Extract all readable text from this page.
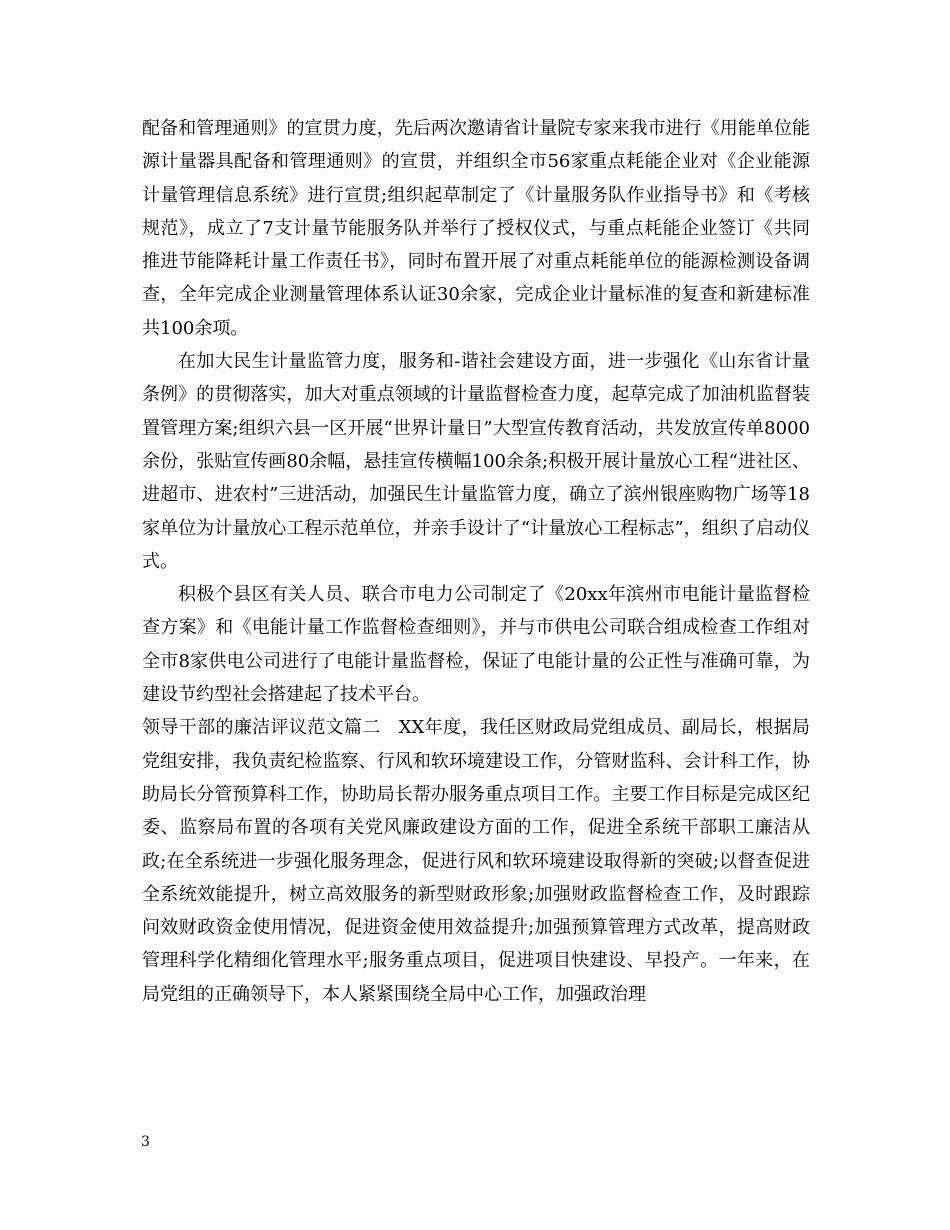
配备和管理通则》的宣贯力度，先后两次邀请省计量院专家来我市进行《用能单位能源计量器具配备和管理通则》的宣贯，并组织全市56家重点耗能企业对《企业能源计量管理信息系统》进行宣贯;组织起草制定了《计量服务队作业指导书》和《考核规范》，成立了7支计量节能服务队并举行了授权仪式，与重点耗能企业签订《共同推进节能降耗计量工作责任书》，同时布置开展了对重点耗能单位的能源检测设备调查，全年完成企业测量管理体系认证30余家，完成企业计量标准的复查和新建标准共100余项。

在加大民生计量监管力度，服务和-谐社会建设方面，进一步强化《山东省计量条例》的贯彻落实，加大对重点领域的计量监督检查力度，起草完成了加油机监督装置管理方案;组织六县一区开展“世界计量日”大型宣传教育活动，共发放宣传单8000余份，张贴宣传画80余幅，悬挂宣传横幅100余条;积极开展计量放心工程“进社区、进超市、进农村”三进活动，加强民生计量监管力度，确立了滨州银座购物广场等18家单位为计量放心工程示范单位，并亲手设计了“计量放心工程标志”，组织了启动仪式。

积极个县区有关人员、联合市电力公司制定了《20xx年滨州市电能计量监督检查方案》和《电能计量工作监督检查细则》，并与市供电公司联合组成检查工作组对全市8家供电公司进行了电能计量监督检，保证了电能计量的公正性与准确可靠，为建设节约型社会搭建起了技术平台。

领导干部的廉洁评议范文篇二 XX年度，我任区财政局党组成员、副局长，根据局党组安排，我负责纪检监察、行风和软环境建设工作，分管财监科、会计科工作，协助局长分管预算科工作，协助局长帮办服务重点项目工作。主要工作目标是完成区纪委、监察局布置的各项有关党风廉政建设方面的工作，促进全系统干部职工廉洁从政;在全系统进一步强化服务理念，促进行风和软环境建设取得新的突破;以督查促进全系统效能提升，树立高效服务的新型财政形象;加强财政监督检查工作，及时跟踪问效财政资金使用情况，促进资金使用效益提升;加强预算管理方式改革，提高财政管理科学化精细化管理水平;服务重点项目，促进项目快建设、早投产。一年来，在局党组的正确领导下，本人紧紧围绕全局中心工作，加强政治理

3
